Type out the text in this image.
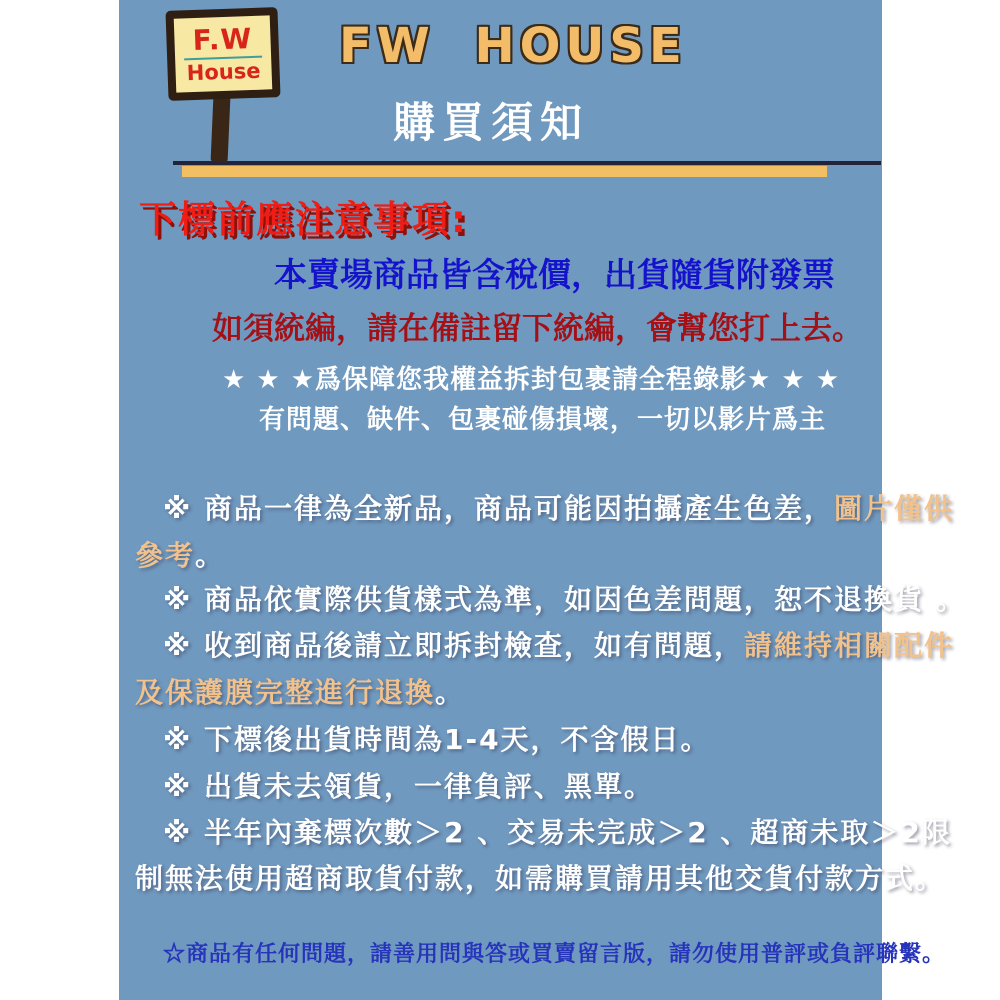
F.W
House FW HOUSE
購買須知
下標前應注意事項:
本賣場商品皆含稅價，出貨隨貨附發票
如須統編，請在備註留下統編，會幫您打上去。
★ ★ ★爲保障您我權益拆封包裹請全程錄影★ ★ ★
有問題、缺件、包裹碰傷損壞，一切以影片爲主
※ 商品一律為全新品，商品可能因拍攝產生色差，圖片僅供
參考。
※ 商品依實際供貨樣式為準，如因色差問題，恕不退換貨 。
※ 收到商品後請立即拆封檢查，如有問題，請維持相關配件
及保護膜完整進行退換。
※ 下標後出貨時間為1-4天，不含假日。
※ 出貨未去領貨，一律負評、黑單。
※ 半年內棄標次數＞2 、交易未完成＞2 、超商未取＞2限
制無法使用超商取貨付款，如需購買請用其他交貨付款方式。
☆商品有任何問題，請善用問與答或買賣留言版，請勿使用普評或負評聯繫。
